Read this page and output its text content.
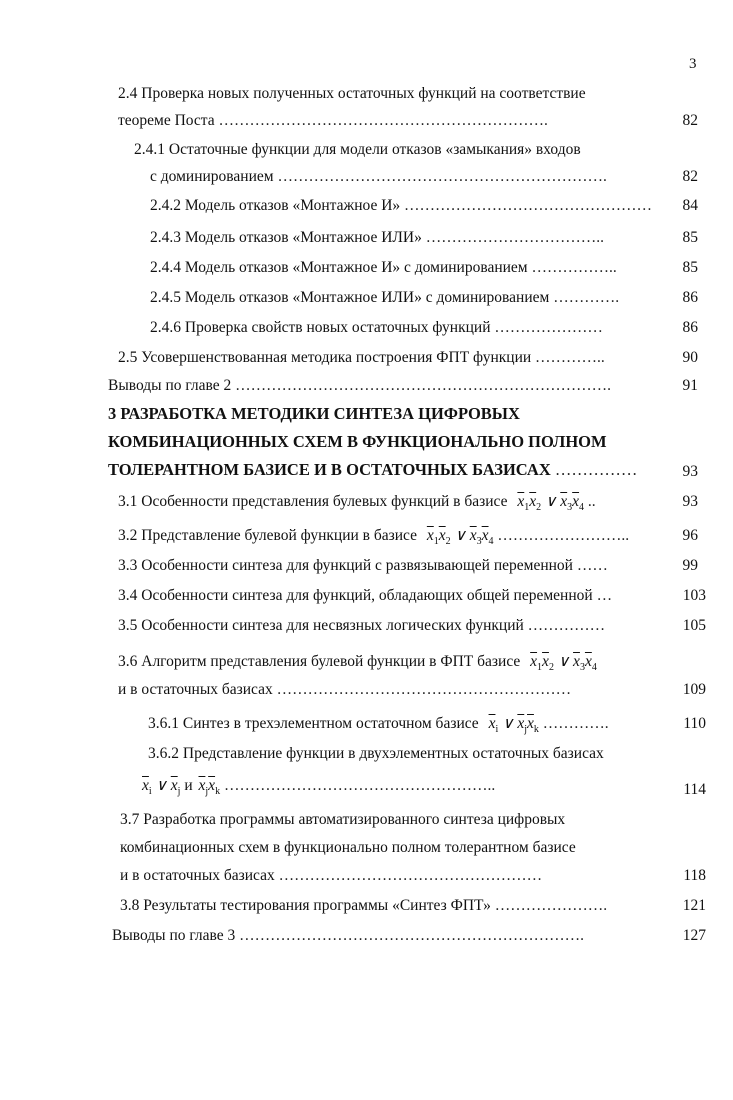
3
2.4 Проверка новых полученных остаточных функций на соответствие
теореме Поста ……………………………………………………….	82
2.4.1 Остаточные функции для модели отказов «замыкания» входов
с доминированием ……………………………………………………….	82
2.4.2 Модель отказов «Монтажное И» …………………………………………	84
2.4.3 Модель отказов «Монтажное ИЛИ» ……………………………..	85
2.4.4 Модель отказов «Монтажное И» с доминированием ……………..	85
2.4.5 Модель отказов «Монтажное ИЛИ» с доминированием ………….	86
2.4.6 Проверка свойств новых остаточных функций …………………	86
2.5 Усовершенствованная методика построения ФПТ функции …………..	90
Выводы по главе 2 ……………………………………………………………….	91
3 РАЗРАБОТКА МЕТОДИКИ СИНТЕЗА ЦИФРОВЫХ
КОМБИНАЦИОННЫХ СХЕМ В ФУНКЦИОНАЛЬНО ПОЛНОМ
ТОЛЕРАНТНОМ БАЗИСЕ И В ОСТАТОЧНЫХ БАЗИСАХ ……………	93
3.1 Особенности представления булевых функций в базисе $\overline{x}_1\overline{x}_2$ ∨ $\overline{x}_3\overline{x}_4$ ..	93
3.2 Представление булевой функции в базисе $\overline{x}_1\overline{x}_2$ ∨ $\overline{x}_3\overline{x}_4$ ……………………..	96
3.3 Особенности синтеза для функций с развязывающей переменной ……	99
3.4 Особенности синтеза для функций, обладающих общей переменной …	103
3.5 Особенности синтеза для несвязных логических функций ……………	105
3.6 Алгоритм представления булевой функции в ФПТ базисе $\overline{x}_1\overline{x}_2$ ∨ $\overline{x}_3\overline{x}_4$
и в остаточных базисах …………………………………………………	109
3.6.1 Синтез в трехэлементном остаточном базисе $\overline{x}_i$ ∨ $\overline{x}_j\overline{x}_k$ ………….	110
3.6.2 Представление функции в двухэлементных остаточных базисах
$\overline{x}_i$ ∨ $\overline{x}_j$ и $\overline{x}_j\overline{x}_k$ ……………………………………………..	114
3.7 Разработка программы автоматизированного синтеза цифровых
комбинационных схем в функционально полном толерантном базисе
и в остаточных базисах ……………………………………………	118
3.8 Результаты тестирования программы «Синтез ФПТ» ………………….	121
Выводы по главе 3 ………………………………………………………….	127
